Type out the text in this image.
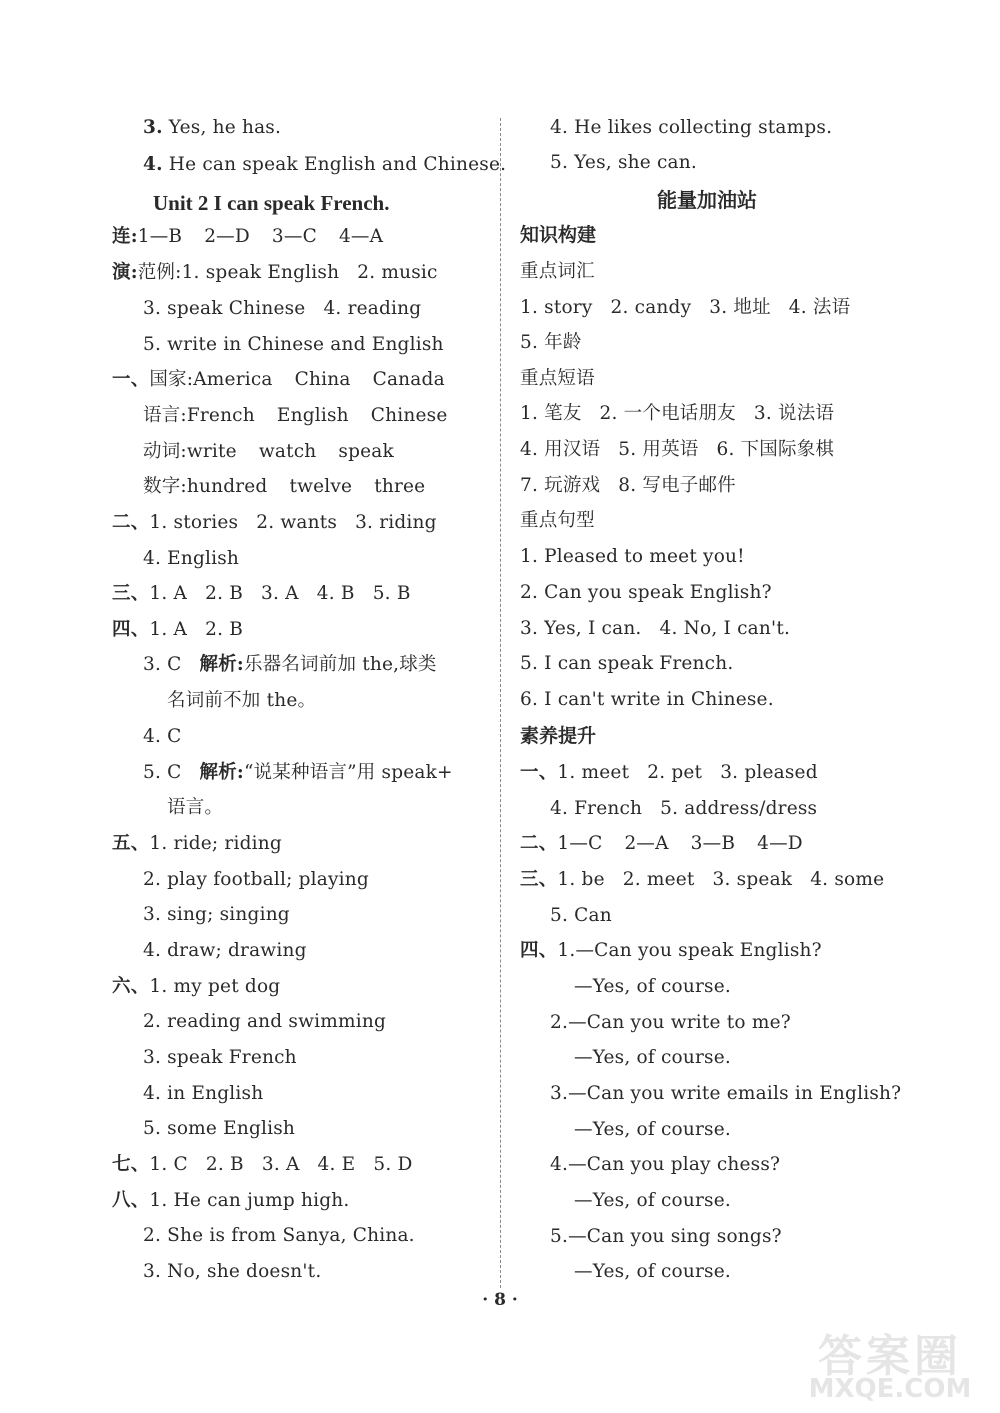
3. Yes, he has.
4. He can speak English and Chinese.
Unit 2 I can speak French.
连:1—B 2—D 3—C 4—A
演:范例:1. speak English 2. music
3. speak Chinese 4. reading
5. write in Chinese and English
一、国家:America China Canada
语言:French English Chinese
动词:write watch speak
数字:hundred twelve three
二、1. stories 2. wants 3. riding
4. English
三、1. A 2. B 3. A 4. B 5. B
四、1. A 2. B
3. C 解析:乐器名词前加 the,球类
名词前不加 the。
4. C
5. C 解析:“说某种语言”用 speak+
语言。
五、1. ride; riding
2. play football; playing
3. sing; singing
4. draw; drawing
六、1. my pet dog
2. reading and swimming
3. speak French
4. in English
5. some English
七、1. C 2. B 3. A 4. E 5. D
八、1. He can jump high.
2. She is from Sanya, China.
3. No, she doesn't.
4. He likes collecting stamps.
5. Yes, she can.
能量加油站
知识构建
重点词汇
1. story 2. candy 3. 地址 4. 法语
5. 年龄
重点短语
1. 笔友 2. 一个电话朋友 3. 说法语
4. 用汉语 5. 用英语 6. 下国际象棋
7. 玩游戏 8. 写电子邮件
重点句型
1. Pleased to meet you!
2. Can you speak English?
3. Yes, I can. 4. No, I can't.
5. I can speak French.
6. I can't write in Chinese.
素养提升
一、1. meet 2. pet 3. pleased
4. French 5. address/dress
二、1—C 2—A 3—B 4—D
三、1. be 2. meet 3. speak 4. some
5. Can
四、1.—Can you speak English?
—Yes, of course.
2.—Can you write to me?
—Yes, of course.
3.—Can you write emails in English?
—Yes, of course.
4.—Can you play chess?
—Yes, of course.
5.—Can you sing songs?
—Yes, of course.
· 8 ·
答案圈
MXQE.COM
